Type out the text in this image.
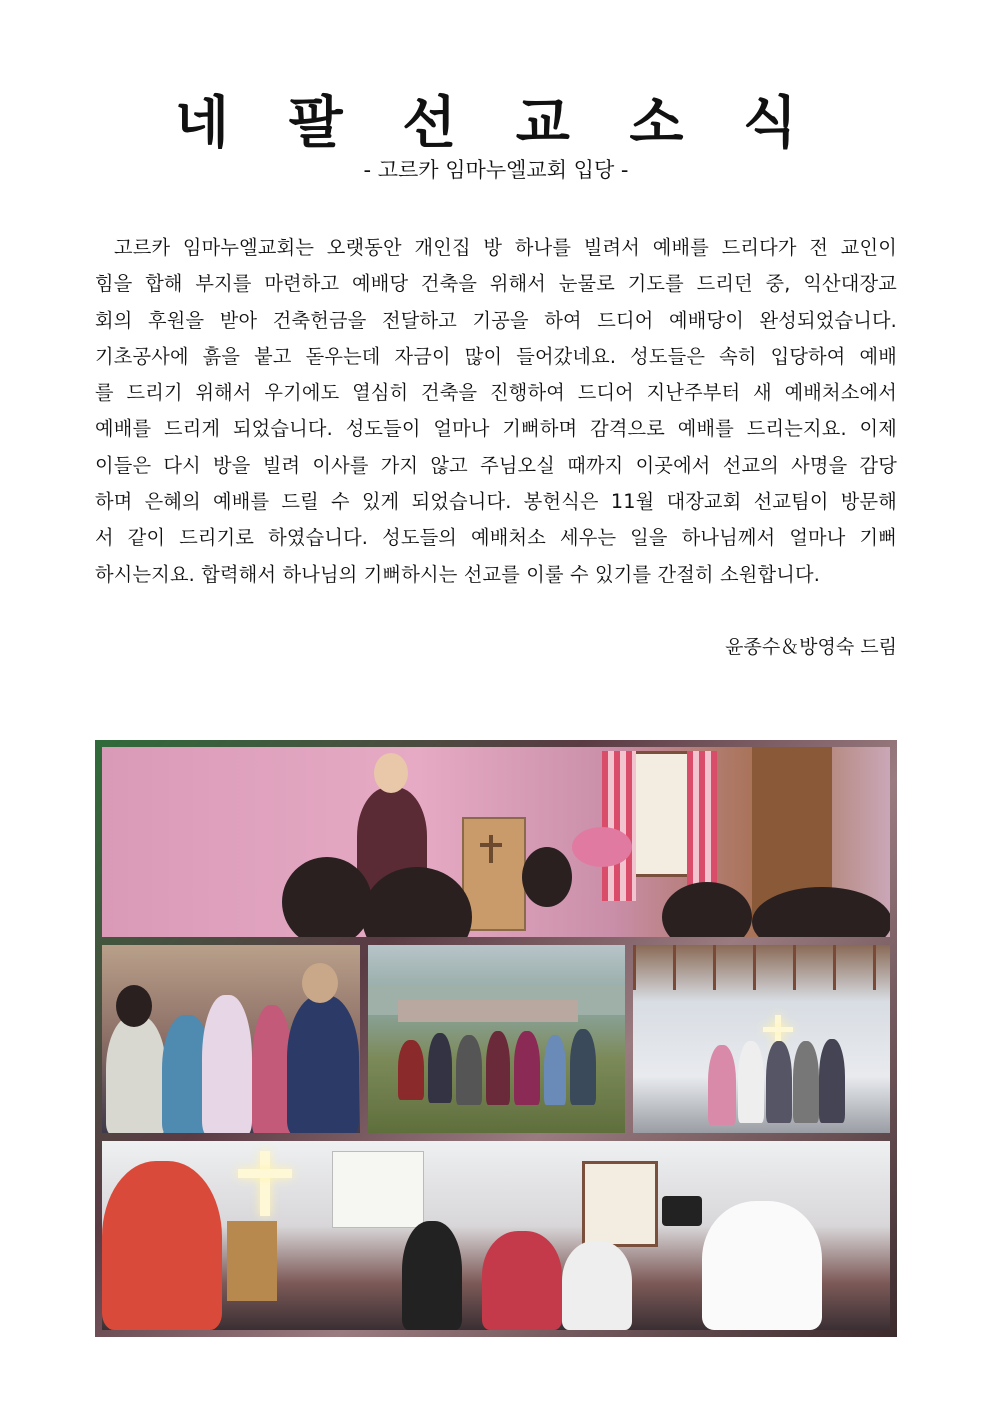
네 팔 선 교 소 식
- 고르카 임마누엘교회 입당 -
고르카 임마누엘교회는 오랫동안 개인집 방 하나를 빌려서 예배를 드리다가 전 교인이
힘을 합해 부지를 마련하고 예배당 건축을 위해서 눈물로 기도를 드리던 중, 익산대장교
회의 후원을 받아 건축헌금을 전달하고 기공을 하여 드디어 예배당이 완성되었습니다.
기초공사에 흙을 붙고 돋우는데 자금이 많이 들어갔네요. 성도들은 속히 입당하여 예배
를 드리기 위해서 우기에도 열심히 건축을 진행하여 드디어 지난주부터 새 예배처소에서
예배를 드리게 되었습니다. 성도들이 얼마나 기뻐하며 감격으로 예배를 드리는지요. 이제
이들은 다시 방을 빌려 이사를 가지 않고 주님오실 때까지 이곳에서 선교의 사명을 감당
하며 은혜의 예배를 드릴 수 있게 되었습니다. 봉헌식은 11월 대장교회 선교팀이 방문해
서 같이 드리기로 하였습니다. 성도들의 예배처소 세우는 일을 하나님께서 얼마나 기뻐
하시는지요. 합력해서 하나님의 기뻐하시는 선교를 이룰 수 있기를 간절히 소원합니다.
윤종수＆방영숙 드림
